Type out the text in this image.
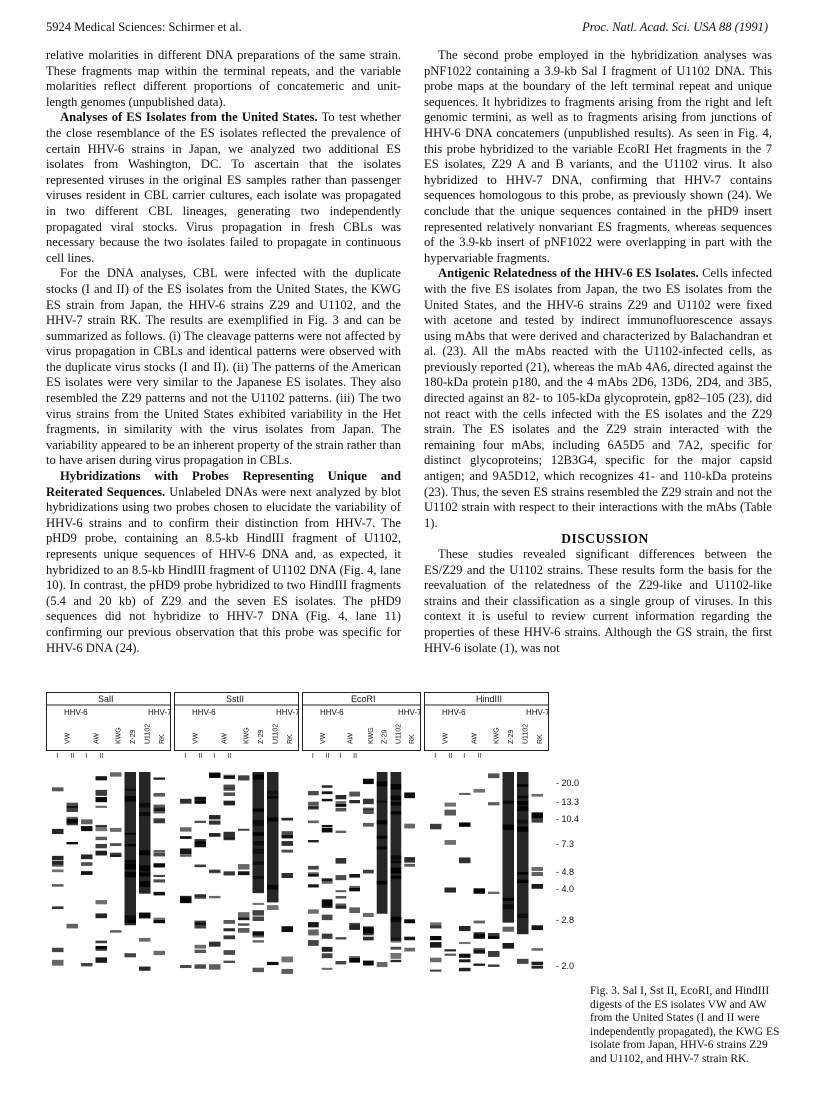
5924 Medical Sciences: Schirmer et al.	Proc. Natl. Acad. Sci. USA 88 (1991)

relative molarities in different DNA preparations of the same strain. These fragments map within the terminal repeats, and the variable molarities reflect different proportions of concatemeric and unit-length genomes (unpublished data).

Analyses of ES Isolates from the United States. To test whether the close resemblance of the ES isolates reflected the prevalence of certain HHV-6 strains in Japan, we analyzed two additional ES isolates from Washington, DC. To ascertain that the isolates represented viruses in the original ES samples rather than passenger viruses resident in CBL carrier cultures, each isolate was propagated in two different CBL lineages, generating two independently propagated viral stocks. Virus propagation in fresh CBLs was necessary because the two isolates failed to propagate in continuous cell lines.

For the DNA analyses, CBL were infected with the duplicate stocks (I and II) of the ES isolates from the United States, the KWG ES strain from Japan, the HHV-6 strains Z29 and U1102, and the HHV-7 strain RK. The results are exemplified in Fig. 3 and can be summarized as follows. (i) The cleavage patterns were not affected by virus propagation in CBLs and identical patterns were observed with the duplicate virus stocks (I and II). (ii) The patterns of the American ES isolates were very similar to the Japanese ES isolates. They also resembled the Z29 patterns and not the U1102 patterns. (iii) The two virus strains from the United States exhibited variability in the Het fragments, in similarity with the virus isolates from Japan. The variability appeared to be an inherent property of the strain rather than to have arisen during virus propagation in CBLs.

Hybridizations with Probes Representing Unique and Reiterated Sequences. Unlabeled DNAs were next analyzed by blot hybridizations using two probes chosen to elucidate the variability of HHV-6 strains and to confirm their distinction from HHV-7. The pHD9 probe, containing an 8.5-kb HindIII fragment of U1102, represents unique sequences of HHV-6 DNA and, as expected, it hybridized to an 8.5-kb HindIII fragment of U1102 DNA (Fig. 4, lane 10). In contrast, the pHD9 probe hybridized to two HindIII fragments (5.4 and 20 kb) of Z29 and the seven ES isolates. The pHD9 sequences did not hybridize to HHV-7 DNA (Fig. 4, lane 11) confirming our previous observation that this probe was specific for HHV-6 DNA (24).

The second probe employed in the hybridization analyses was pNF1022 containing a 3.9-kb Sal I fragment of U1102 DNA. This probe maps at the boundary of the left terminal repeat and unique sequences. It hybridizes to fragments arising from the right and left genomic termini, as well as to fragments arising from junctions of HHV-6 DNA concatemers (unpublished results). As seen in Fig. 4, this probe hybridized to the variable EcoRI Het fragments in the 7 ES isolates, Z29 A and B variants, and the U1102 virus. It also hybridized to HHV-7 DNA, confirming that HHV-7 contains sequences homologous to this probe, as previously shown (24). We conclude that the unique sequences contained in the pHD9 insert represented relatively nonvariant ES fragments, whereas sequences of the 3.9-kb insert of pNF1022 were overlapping in part with the hypervariable fragments.

Antigenic Relatedness of the HHV-6 ES Isolates. Cells infected with the five ES isolates from Japan, the two ES isolates from the United States, and the HHV-6 strains Z29 and U1102 were fixed with acetone and tested by indirect immunofluorescence assays using mAbs that were derived and characterized by Balachandran et al. (23). All the mAbs reacted with the U1102-infected cells, as previously reported (21), whereas the mAb 4A6, directed against the 180-kDa protein p180, and the 4 mAbs 2D6, 13D6, 2D4, and 3B5, directed against an 82- to 105-kDa glycoprotein, gp82–105 (23), did not react with the cells infected with the ES isolates and the Z29 strain. The ES isolates and the Z29 strain interacted with the remaining four mAbs, including 6A5D5 and 7A2, specific for distinct glycoproteins; 12B3G4, specific for the major capsid antigen; and 9A5D12, which recognizes 41- and 110-kDa proteins (23). Thus, the seven ES strains resembled the Z29 strain and not the U1102 strain with respect to their interactions with the mAbs (Table 1).

DISCUSSION

These studies revealed significant differences between the ES/Z29 and the U1102 strains. These results form the basis for the reevaluation of the relatedness of the Z29-like and U1102-like strains and their classification as a single group of viruses. In this context it is useful to review current information regarding the properties of these HHV-6 strains. Although the GS strain, the first HHV-6 isolate (1), was not

SalI
HHV-6	HHV-7
VW	AW KWG Z-29 U1102 RK
I II I II
SstII
HHV-6	HHV-7
VW	AW KWG Z-29 U1102 RK
I II I II
EcoRI
HHV-6	HHV-7
VW	AW KWG Z-29 U1102 RK
I II I II
HindIII
HHV-6	HHV-7
VW	AW KWG Z-29 U1102 RK
I II I II
- 20.0
- 13.3
- 10.4
- 7.3
- 4.8
- 4.0
- 2.8
- 2.0
Fig. 3. Sal I, Sst II, EcoRI, and HindIII digests of the ES isolates VW and AW from the United States (I and II were independently propagated), the KWG ES isolate from Japan, HHV-6 strains Z29 and U1102, and HHV-7 strain RK.
